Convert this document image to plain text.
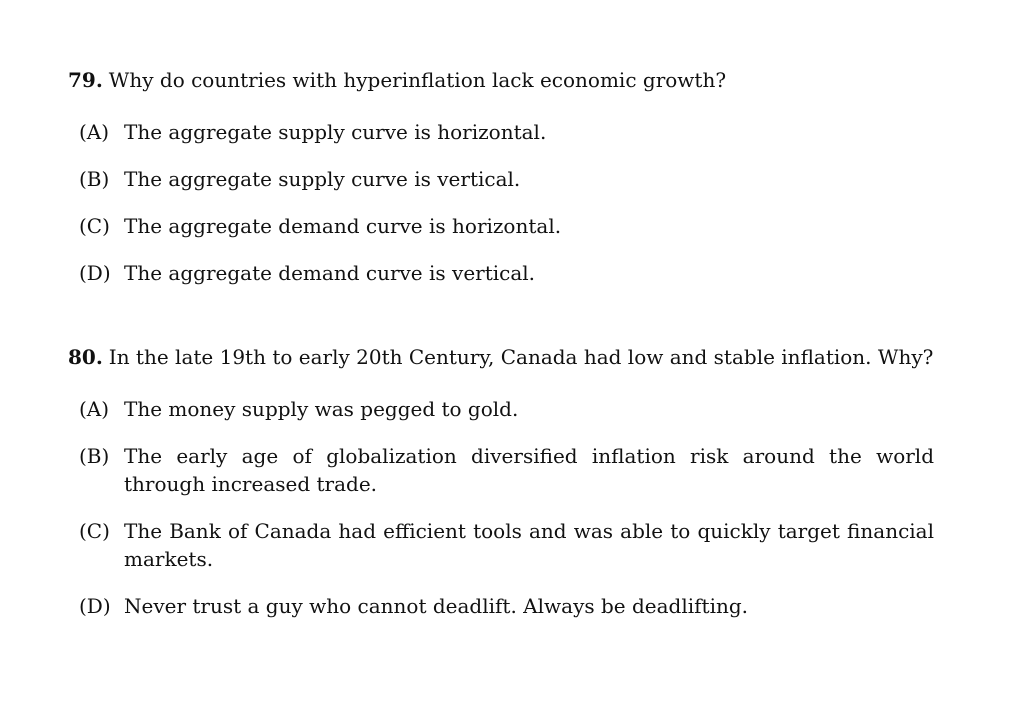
79. Why do countries with hyperinflation lack economic growth?

(A) The aggregate supply curve is horizontal.
(B) The aggregate supply curve is vertical.
(C) The aggregate demand curve is horizontal.
(D) The aggregate demand curve is vertical.

80. In the late 19th to early 20th Century, Canada had low and stable inflation. Why?

(A) The money supply was pegged to gold.
(B) The early age of globalization diversified inflation risk around the world through increased trade.
(C) The Bank of Canada had efficient tools and was able to quickly target financial markets.
(D) Never trust a guy who cannot deadlift. Always be deadlifting.
